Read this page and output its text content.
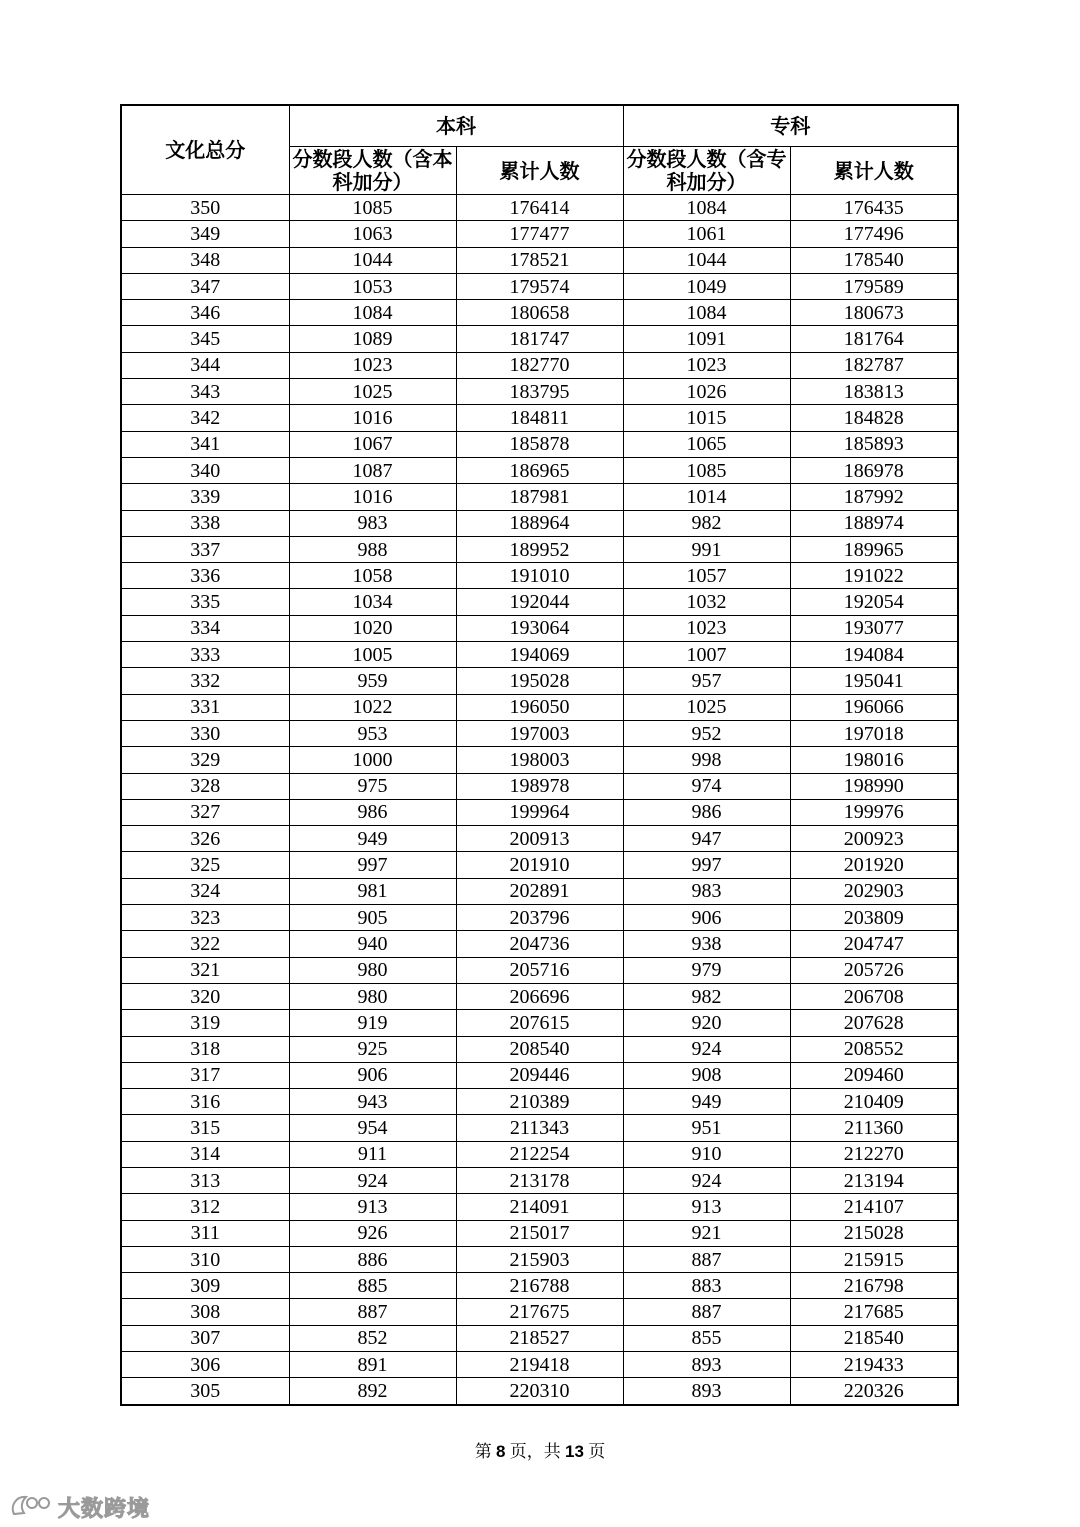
文化总分	本科		专科	
	分数段人数（含本科加分）	累计人数	分数段人数（含专科加分）	累计人数
350	1085	176414	1084	176435
349	1063	177477	1061	177496
348	1044	178521	1044	178540
347	1053	179574	1049	179589
346	1084	180658	1084	180673
345	1089	181747	1091	181764
344	1023	182770	1023	182787
343	1025	183795	1026	183813
342	1016	184811	1015	184828
341	1067	185878	1065	185893
340	1087	186965	1085	186978
339	1016	187981	1014	187992
338	983	188964	982	188974
337	988	189952	991	189965
336	1058	191010	1057	191022
335	1034	192044	1032	192054
334	1020	193064	1023	193077
333	1005	194069	1007	194084
332	959	195028	957	195041
331	1022	196050	1025	196066
330	953	197003	952	197018
329	1000	198003	998	198016
328	975	198978	974	198990
327	986	199964	986	199976
326	949	200913	947	200923
325	997	201910	997	201920
324	981	202891	983	202903
323	905	203796	906	203809
322	940	204736	938	204747
321	980	205716	979	205726
320	980	206696	982	206708
319	919	207615	920	207628
318	925	208540	924	208552
317	906	209446	908	209460
316	943	210389	949	210409
315	954	211343	951	211360
314	911	212254	910	212270
313	924	213178	924	213194
312	913	214091	913	214107
311	926	215017	921	215028
310	886	215903	887	215915
309	885	216788	883	216798
308	887	217675	887	217685
307	852	218527	855	218540
306	891	219418	893	219433
305	892	220310	893	220326
第 8 页，共 13 页
大数跨境
